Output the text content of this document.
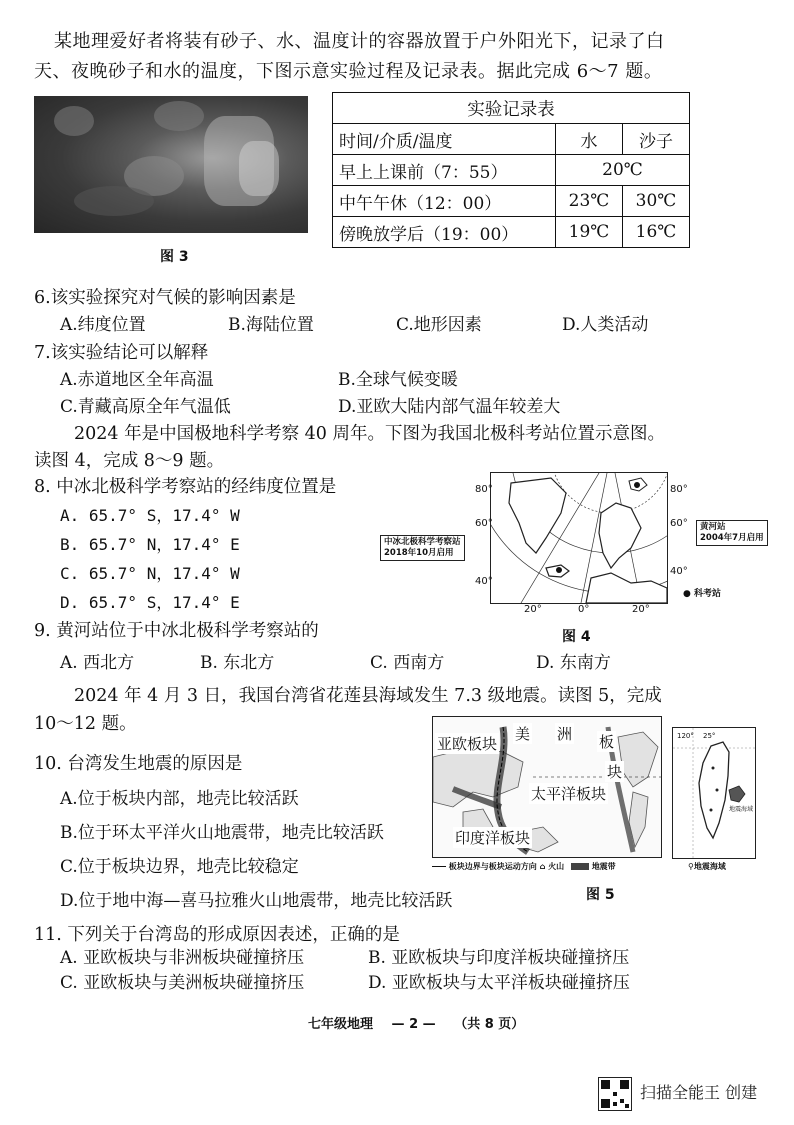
某地理爱好者将装有砂子、水、温度计的容器放置于户外阳光下，记录了白
天、夜晚砂子和水的温度，下图示意实验过程及记录表。据此完成 6～7 题。
图 3
实验记录表		
时间/介质/温度	水	沙子
早上上课前（7：55）	20℃	
中午午休（12：00）	23℃	30℃
傍晚放学后（19：00）	19℃	16℃
6.该实验探究对气候的影响因素是
A.纬度位置	B.海陆位置	C.地形因素	D.人类活动
7.该实验结论可以解释
A.赤道地区全年高温	B.全球气候变暖
C.青藏高原全年气温低	D.亚欧大陆内部气温年较差大
2024 年是中国极地科学考察 40 周年。下图为我国北极科考站位置示意图。
读图 4，完成 8～9 题。
8. 中冰北极科学考察站的经纬度位置是
A. 65.7° S，17.4° W
B. 65.7° N，17.4° E
C. 65.7° N，17.4° W
D. 65.7° S，17.4° E
80°
60°
40°
80°
60°
40°
20°	0°	20°
中冰北极科学考察站
2018年10月启用
黄河站
2004年7月启用
● 科考站
图 4
9. 黄河站位于中冰北极科学考察站的
A. 西北方	B. 东北方	C. 西南方	D. 东南方
2024 年 4 月 3 日，我国台湾省花莲县海域发生 7.3 级地震。读图 5，完成
10～12 题。
亚欧板块
美 洲 板
块
太平洋板块
印度洋板块
120° 25°
地震海域
板块边界与板块运动方向 ⌂ 火山	地震带	⚲地震海域
图 5
10. 台湾发生地震的原因是
A.位于板块内部，地壳比较活跃
B.位于环太平洋火山地震带，地壳比较活跃
C.位于板块边界，地壳比较稳定
D.位于地中海—喜马拉雅火山地震带，地壳比较活跃
11. 下列关于台湾岛的形成原因表述，正确的是
A. 亚欧板块与非洲板块碰撞挤压	B. 亚欧板块与印度洋板块碰撞挤压
C. 亚欧板块与美洲板块碰撞挤压	D. 亚欧板块与太平洋板块碰撞挤压
七年级地理 — 2 — （共 8 页）
扫描全能王 创建
